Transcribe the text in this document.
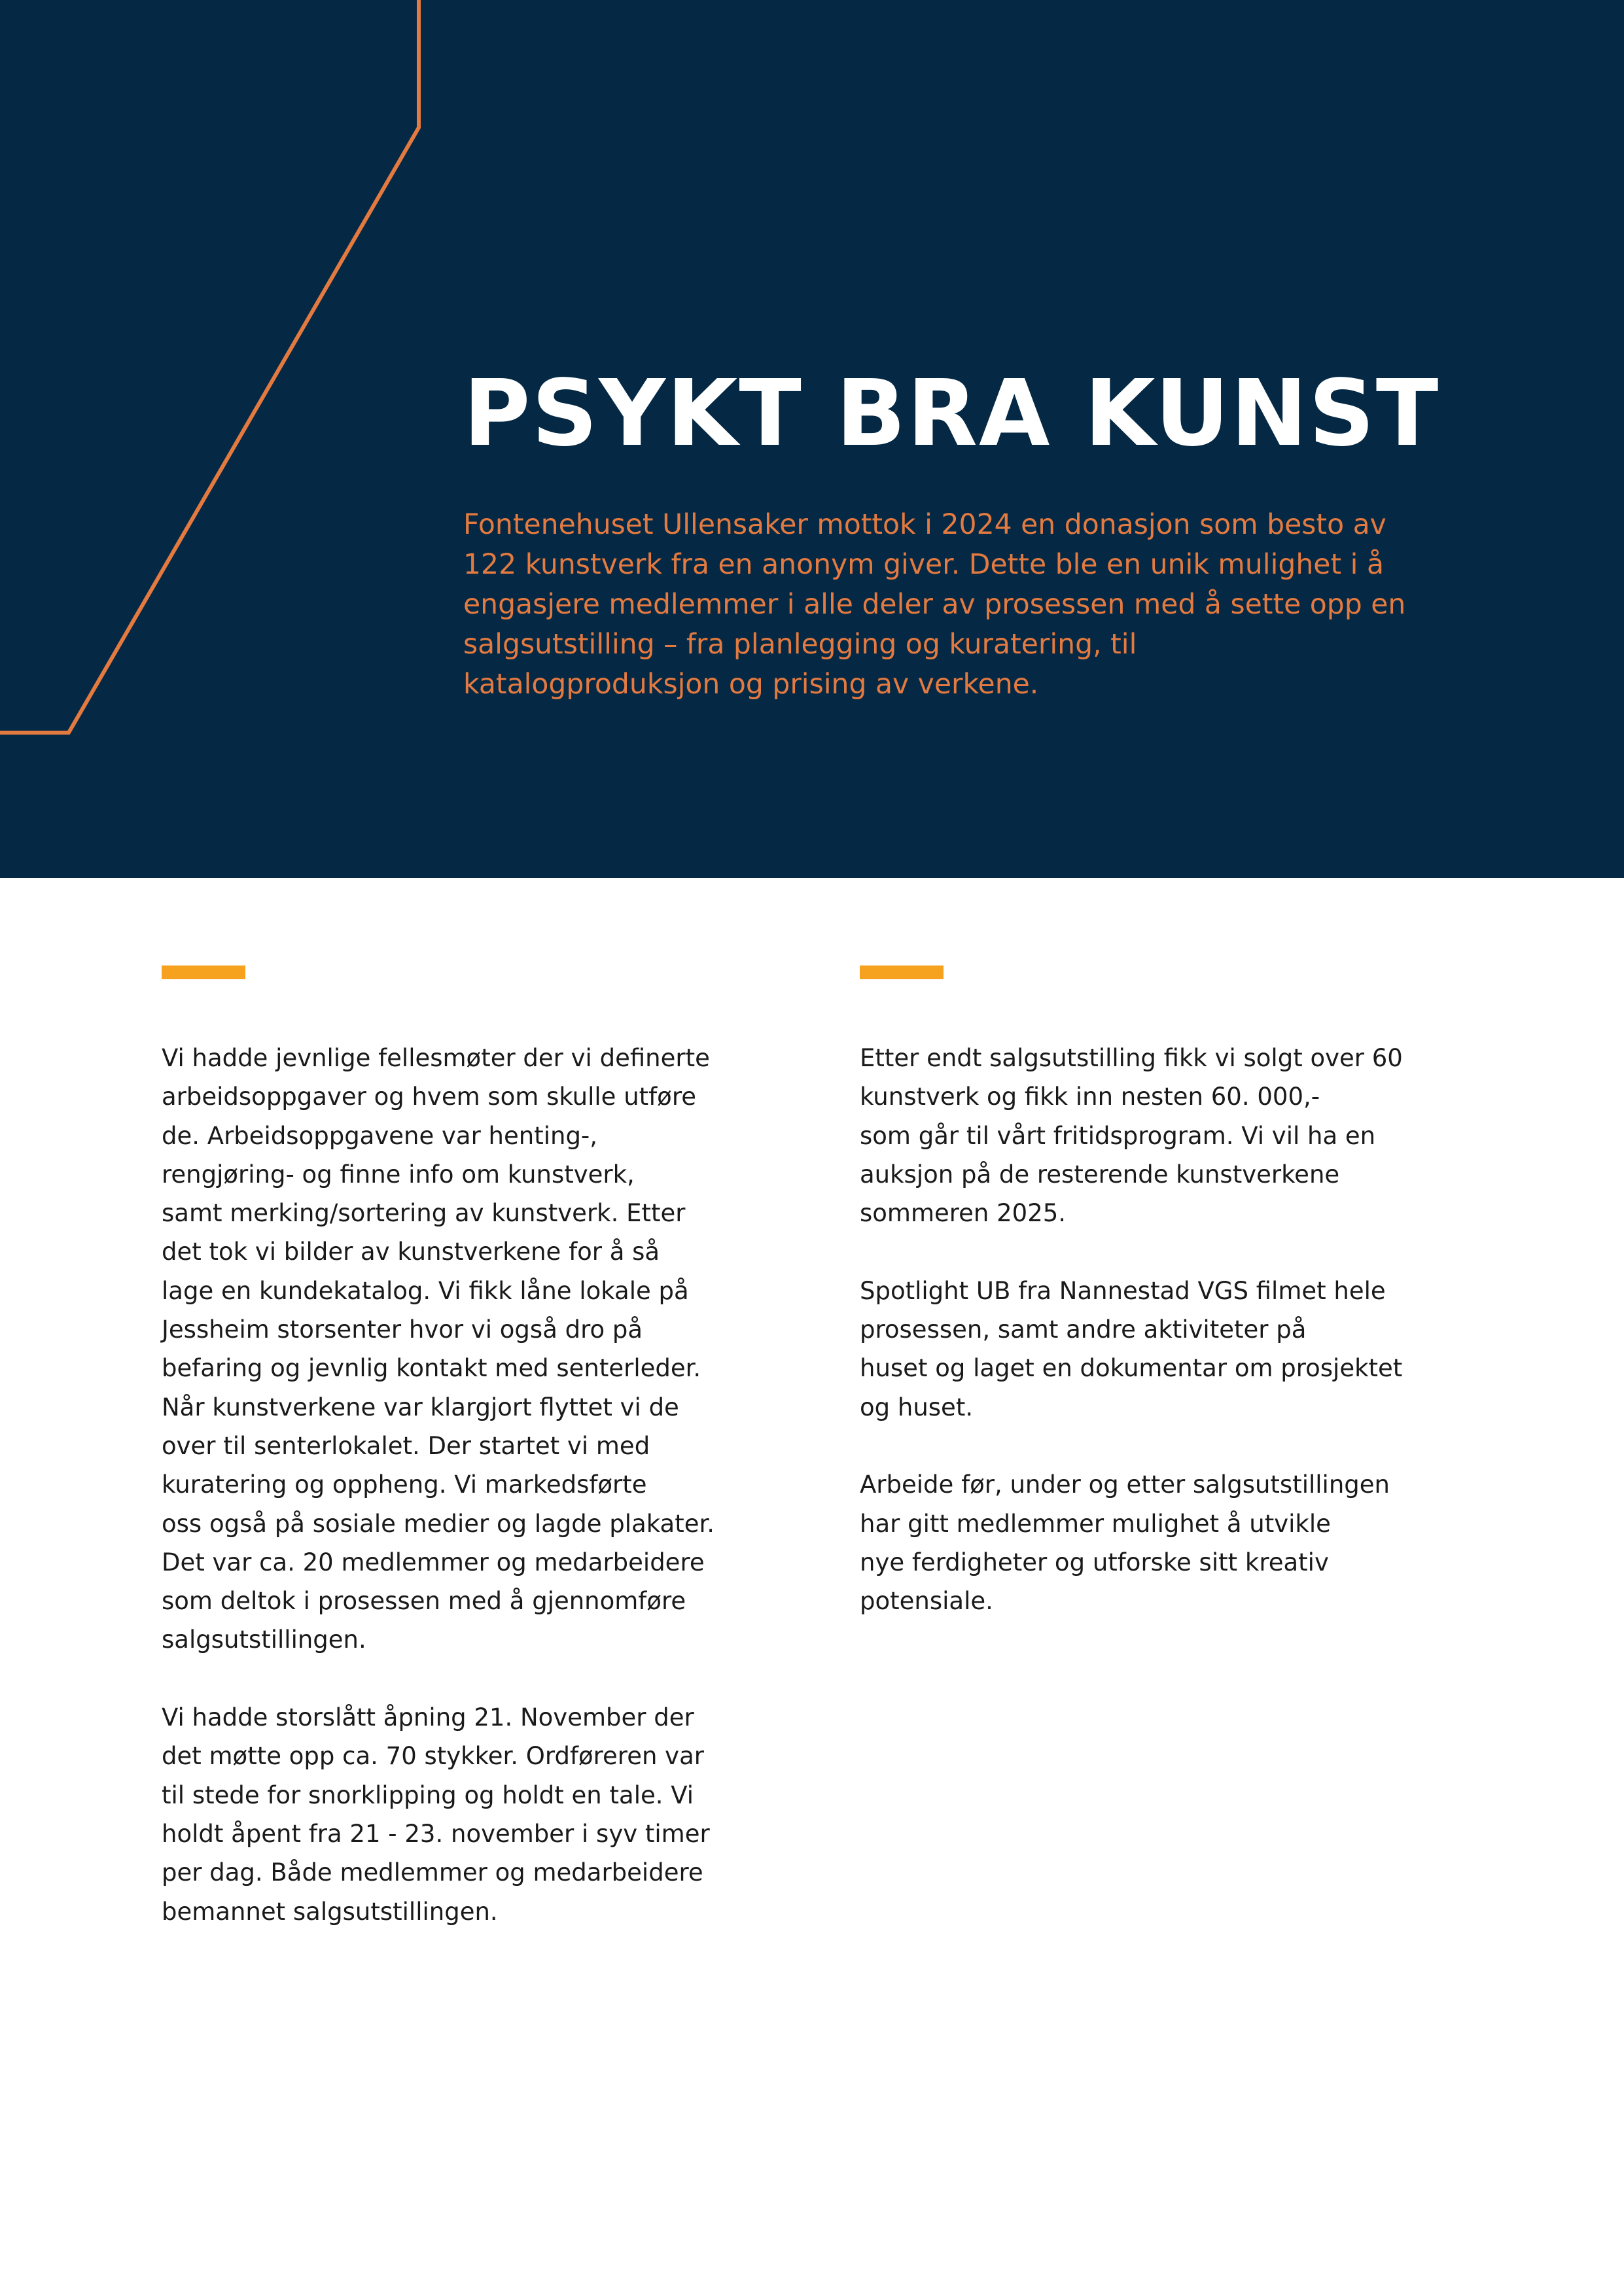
PSYKT BRA KUNST

Fontenehuset Ullensaker mottok i 2024 en donasjon som besto av
122 kunstverk fra en anonym giver. Dette ble en unik mulighet i å
engasjere medlemmer i alle deler av prosessen med å sette opp en
salgsutstilling – fra planlegging og kuratering, til
katalogproduksjon og prising av verkene.

Vi hadde jevnlige fellesmøter der vi definerte
arbeidsoppgaver og hvem som skulle utføre
de. Arbeidsoppgavene var henting-,
rengjøring- og finne info om kunstverk,
samt merking/sortering av kunstverk. Etter
det tok vi bilder av kunstverkene for å så
lage en kundekatalog. Vi fikk låne lokale på
Jessheim storsenter hvor vi også dro på
befaring og jevnlig kontakt med senterleder.
Når kunstverkene var klargjort flyttet vi de
over til senterlokalet. Der startet vi med
kuratering og oppheng. Vi markedsførte
oss også på sosiale medier og lagde plakater.
Det var ca. 20 medlemmer og medarbeidere
som deltok i prosessen med å gjennomføre
salgsutstillingen.

Vi hadde storslått åpning 21. November der
det møtte opp ca. 70 stykker. Ordføreren var
til stede for snorklipping og holdt en tale. Vi
holdt åpent fra 21 - 23. november i syv timer
per dag. Både medlemmer og medarbeidere
bemannet salgsutstillingen.

Etter endt salgsutstilling fikk vi solgt over 60
kunstverk og fikk inn nesten 60. 000,-
som går til vårt fritidsprogram. Vi vil ha en
auksjon på de resterende kunstverkene
sommeren 2025.

Spotlight UB fra Nannestad VGS filmet hele
prosessen, samt andre aktiviteter på
huset og laget en dokumentar om prosjektet
og huset.

Arbeide før, under og etter salgsutstillingen
har gitt medlemmer mulighet å utvikle
nye ferdigheter og utforske sitt kreativ
potensiale.
